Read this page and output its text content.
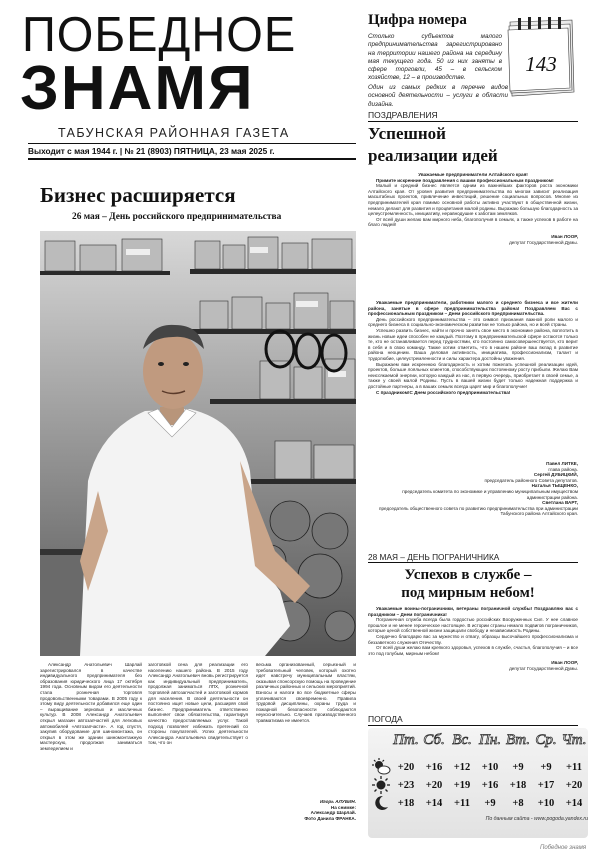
ПОБЕДНОЕ
ЗНАМЯ
ТАБУНСКАЯ РАЙОННАЯ ГАЗЕТА
Выходит с мая 1944 г. | № 21 (8903) ПЯТНИЦА, 23 мая 2025 г.
Цифра номера
Столько субъектов малого предпринимательства зарегистрировано на территории нашего района на середину мая текущего года. 50 из них заняты в сфере торговли, 45 – в сельском хозяйстве, 12 – в производстве.
Один из самых редких в перечне видов основной деятельности – услуги в области дизайна.
143
ПОЗДРАВЛЕНИЯ
Успешной
реализации идей
Уважаемые предприниматели Алтайского края!
Примите искренние поздравления с вашим профессиональным праздником!
Малый и средний бизнес является одним из важнейших факторов роста экономики Алтайского края. От уровня развития предпринимательства во многом зависит реализация масштабных проектов, привлечение инвестиций, решение социальных вопросов. Многие из предпринимателей края помимо основной работы активно участвуют в общественной жизни, немало делают для развития и процветания малой родины. Выражаю большую благодарность за целеустремленность, инициативу, неравнодушие к заботам земляков.
От всей души желаю вам мирного неба, благополучия в семьях, а также успехов в работе на благо людей!
Иван ЛООР,
депутат Государственной Думы.
Уважаемые предприниматели, работники малого и среднего бизнеса и все жители района, занятые в сфере предпринимательства района! Поздравляем Вас с профессиональным праздником – Днем российского предпринимательства.
День российского предпринимательства – это символ признания важной роли малого и среднего бизнеса в социально-экономическом развитии не только района, но и всей страны.
Успешно развить бизнес, найти и прочно занять свое место в экономике района, воплотить в жизнь новые идеи способен не каждый. Поэтому в предпринимательской сфере остаются только те, кто не останавливается перед трудностями, кто постоянно самосовершенствуется, кто верит в себя и в свою команду. Также хотим отметить, что в нашем районе ваш вклад в развитие района неоценим. Ваша деловая активность, инициатива, профессионализм, талант и трудолюбие, целеустремленности и силы характера достойны уважения.
Выражаем вам искреннюю благодарность и хотим пожелать успешной реализации идей, проектов, больше лояльных клиентов, способствующих постоянному росту прибыли. Желаю Вам неиссякаемой энергии, которую каждый из нас, в первую очередь, приобретает в своей семье, а также у своей малой Родины. Пусть в вашей жизни будет только надежная поддержка и достойные партнеры, а в ваших семьях всегда царят мир и благополучие!
С праздником!С Днем российского предпринимательства!
Павел ЛИТКЕ,
глава района.
Сергей ДУБИЦКИЙ,
председатель районного Совета депутатов.
Наталья ТЫЩЕНКО,
председатель комитета по экономике и управлению муниципальным имуществом администрации района.
Светлана ВАРТ,
председатель общественного совета по развитию предпринимательства при администрации Табунского района Алтайского края.
28 МАЯ – ДЕНЬ ПОГРАНИЧНИКА
Успехов в службе –
под мирным небом!
Уважаемые воины-пограничники, ветераны пограничной службы! Поздравляю вас с праздником – Днем пограничника!
Пограничная служба всегда была гордостью российских Вооруженных Сил. У нее славное прошлое и не менее героическое настоящее. В истории страны немало подвигов пограничников, которые ценой собственной жизни защищали свободу и независимость Родины.
Сердечно благодарю вас за мужество и отвагу, образцы высочайшего профессионализма и беззаветного служения Отечеству.
От всей души желаю вам крепкого здоровья, успехов в службе, счастья, благополучия – и все это под голубым, мирным небом!
Иван ЛООР,
депутат Государственной Думы.
ПОГОДА
Пт. Сб. Вс. Пн. Вт. Ср. Чт.
+20	+16	+12	+10	+9	+9	+11
+23	+20	+19	+16	+18	+17	+20
+18	+14	+11	+9	+8	+10	+14
По данным сайта - www.pogoda.yandex.ru
Победное знамя
Бизнес расширяется
26 мая – День российского предпринимательства
Александр Анатольевич Шарлай зарегистрировался в качестве индивидуального предпринимателя без образования юридического лица 17 октября 1994 года. Основным видом его деятельности стала розничная торговля продовольственными товарами. В 2005 году к этому виду деятельности добавился еще один – выращивание зерновых и масличных культур. В 2008 Александр Анатольевич открыл магазин автозапчастей для легковых автомобилей «Автозапчасти». А год спустя, закупив оборудование для шиномонтажа, он открыл в этом же здании шиномонтажную мастерскую, продолжая заниматься земледелием и
заготовкой сена для реализации его населению нашего района. В 2015 году Александр Анатольевич вновь регистрируется как индивидуальный предприниматель, продолжая заниматься ЛПХ, розничной торговлей автозапчастей и заготовкой кормов для населения. В своей деятельности он постоянно ищет новые цели, расширяя свой бизнес. Предприниматель ответственно выполняет свои обязательства, гарантируя качество предоставляемых услуг. Такой подход позволяет избежать претензий со стороны покупателей. Успех деятельности Александра Анатольевича свидетельствует о том, что он
весьма организованный, серьезный и требовательный человек, который охотно идет навстречу муниципальным властям, оказывая спонсорскую помощь на проведение различных районных и сельских мероприятий. Взносы и налоги во все бюджетные сферы уплачиваются своевременно. Правила трудовой дисциплины, охраны труда и пожарной безопасности соблюдаются неукоснительно. Случаев производственного травматизма не имеется.
Игорь АЛУБИН.
На снимке:
Александр Шарлай.
Фото Данила ФРАНКА.
